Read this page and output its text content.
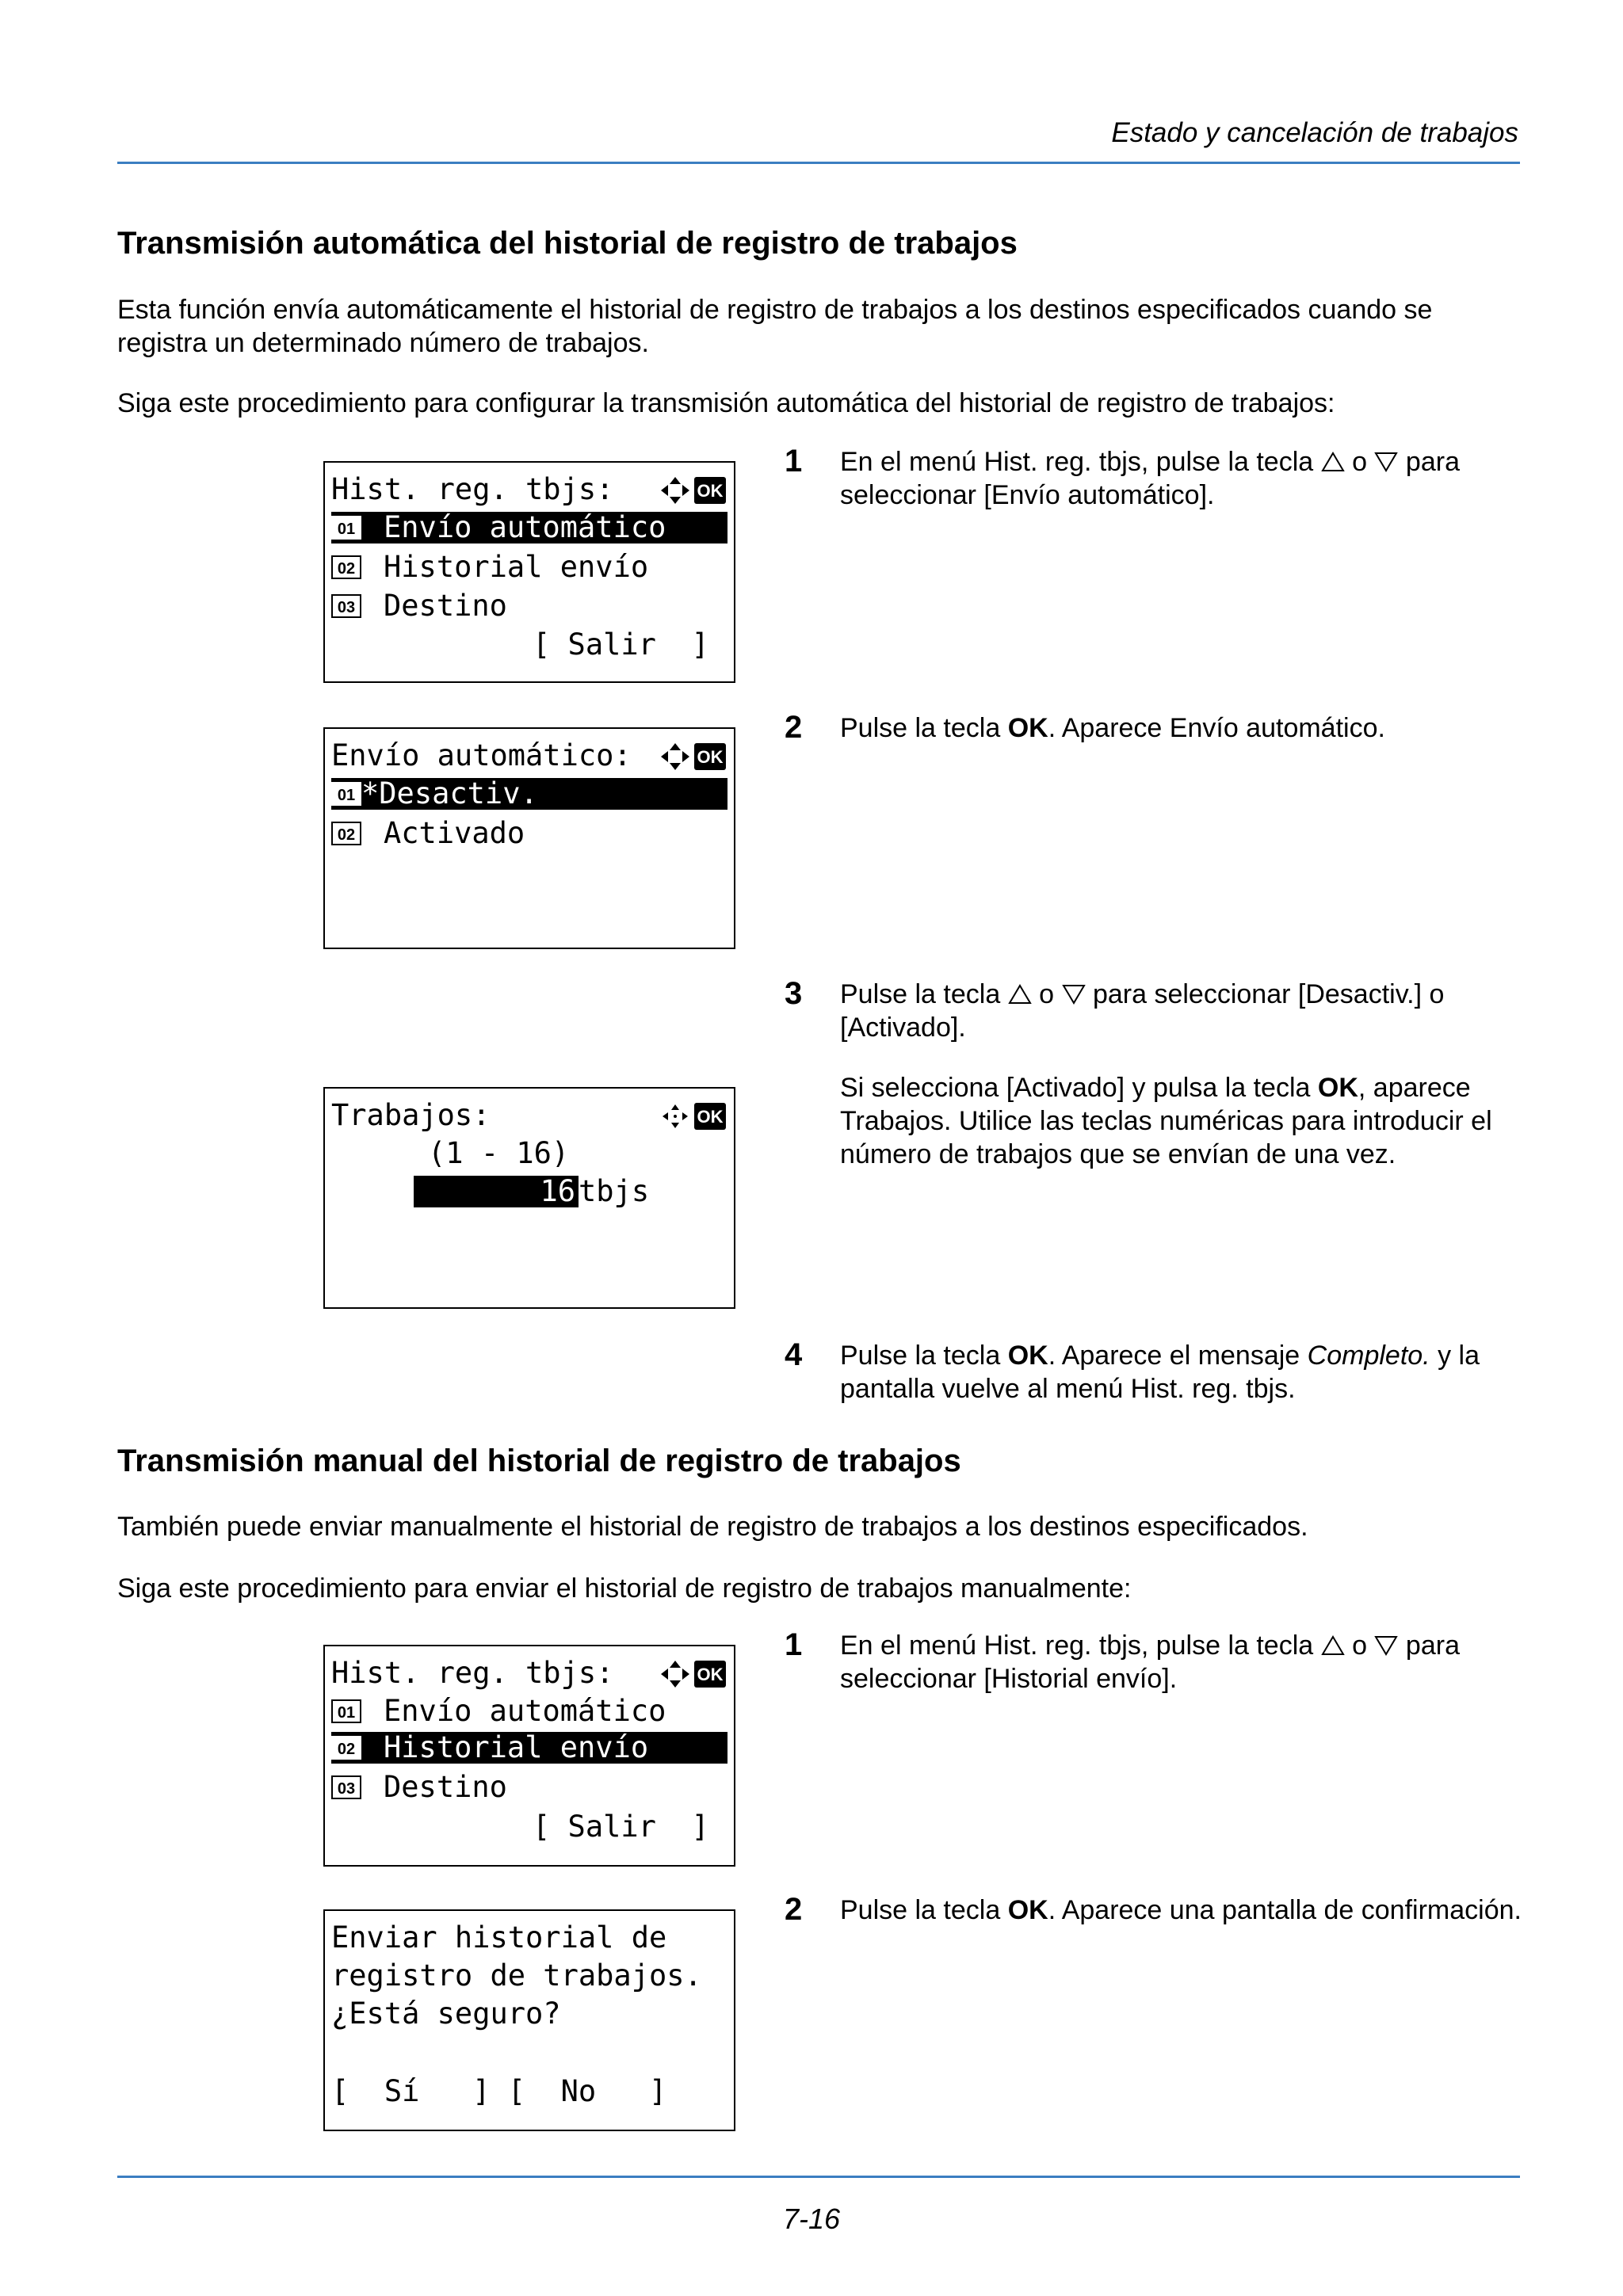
Estado y cancelación de trabajos
Transmisión automática del historial de registro de trabajos
Esta función envía automáticamente el historial de registro de trabajos a los destinos especificados cuando se registra un determinado número de trabajos.
Siga este procedimiento para configurar la transmisión automática del historial de registro de trabajos:
Hist. reg. tbjs:
01 Envío automático
02 Historial envío
03 Destino
[ Salir  ]
1 En el menú Hist. reg. tbjs, pulse la tecla o para seleccionar [Envío automático].
Envío automático:
01 *Desactiv.
02 Activado
2 Pulse la tecla OK. Aparece Envío automático.
3 Pulse la tecla o para seleccionar [Desactiv.] o [Activado].
Si selecciona [Activado] y pulsa la tecla OK, aparece Trabajos. Utilice las teclas numéricas para introducir el número de trabajos que se envían de una vez.
Trabajos:
(1 - 16)
16 tbjs
4 Pulse la tecla OK. Aparece el mensaje Completo. y la pantalla vuelve al menú Hist. reg. tbjs.
Transmisión manual del historial de registro de trabajos
También puede enviar manualmente el historial de registro de trabajos a los destinos especificados.
Siga este procedimiento para enviar el historial de registro de trabajos manualmente:
Hist. reg. tbjs:
01 Envío automático
02 Historial envío
03 Destino
[ Salir  ]
1 En el menú Hist. reg. tbjs, pulse la tecla o para seleccionar [Historial envío].
Enviar historial de
registro de trabajos.
¿Está seguro?
[  Sí   ] [  No   ]
2 Pulse la tecla OK. Aparece una pantalla de confirmación.
7-16
